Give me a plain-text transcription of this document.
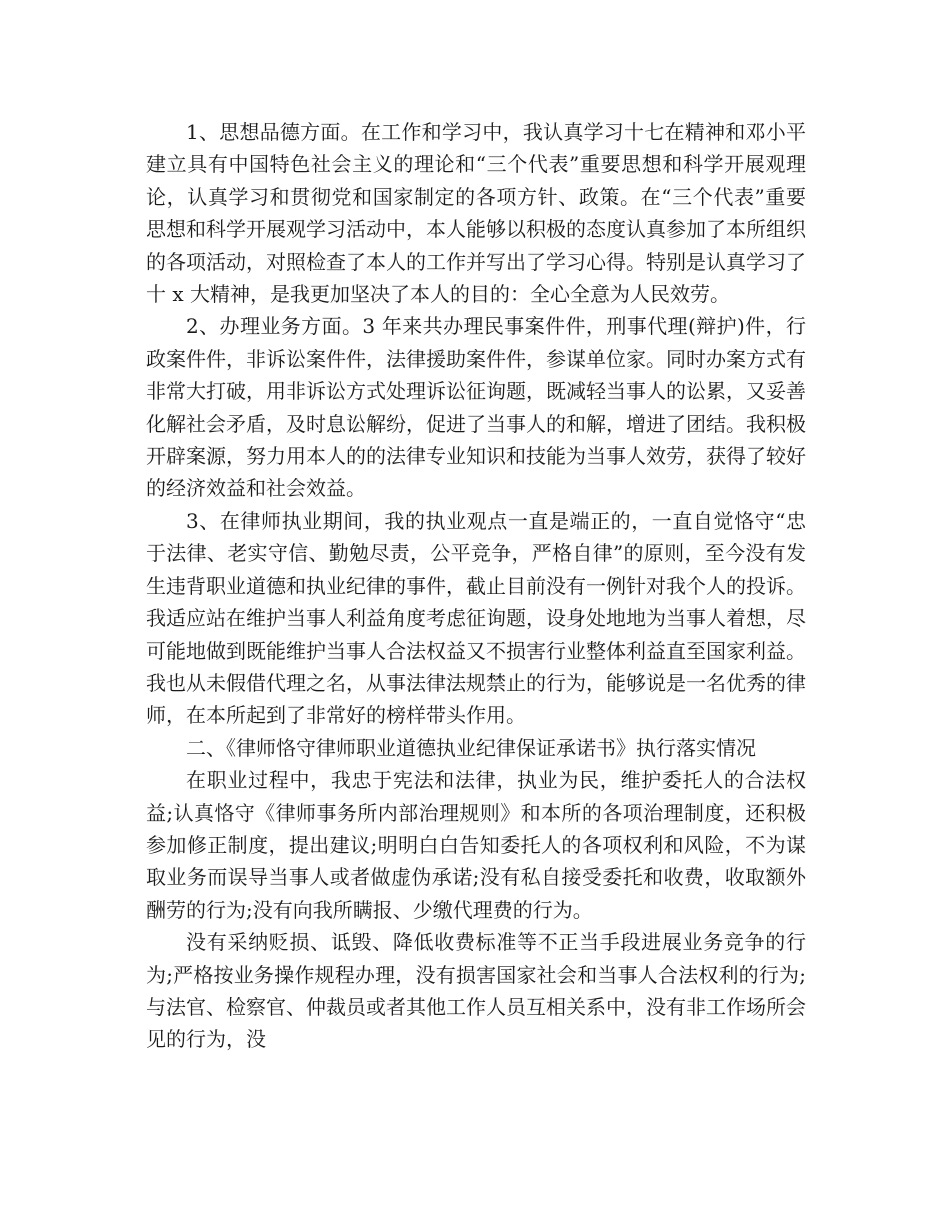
1、思想品德方面。在工作和学习中，我认真学习十七在精神和邓小平建立具有中国特色社会主义的理论和“三个代表”重要思想和科学开展观理论，认真学习和贯彻党和国家制定的各项方针、政策。在“三个代表”重要思想和科学开展观学习活动中，本人能够以积极的态度认真参加了本所组织的各项活动，对照检查了本人的工作并写出了学习心得。特别是认真学习了十 x 大精神，是我更加坚决了本人的目的：全心全意为人民效劳。

2、办理业务方面。3 年来共办理民事案件件，刑事代理(辩护)件，行政案件件，非诉讼案件件，法律援助案件件，参谋单位家。同时办案方式有非常大打破，用非诉讼方式处理诉讼征询题，既减轻当事人的讼累，又妥善化解社会矛盾，及时息讼解纷，促进了当事人的和解，增进了团结。我积极开辟案源，努力用本人的的法律专业知识和技能为当事人效劳，获得了较好的经济效益和社会效益。

3、在律师执业期间，我的执业观点一直是端正的，一直自觉恪守“忠于法律、老实守信、勤勉尽责，公平竞争，严格自律”的原则，至今没有发生违背职业道德和执业纪律的事件，截止目前没有一例针对我个人的投诉。我适应站在维护当事人利益角度考虑征询题，设身处地地为当事人着想，尽可能地做到既能维护当事人合法权益又不损害行业整体利益直至国家利益。我也从未假借代理之名，从事法律法规禁止的行为，能够说是一名优秀的律师，在本所起到了非常好的榜样带头作用。

二、《律师恪守律师职业道德执业纪律保证承诺书》执行落实情况

在职业过程中，我忠于宪法和法律，执业为民，维护委托人的合法权益;认真恪守《律师事务所内部治理规则》和本所的各项治理制度，还积极参加修正制度，提出建议;明明白白告知委托人的各项权利和风险，不为谋取业务而误导当事人或者做虚伪承诺;没有私自接受委托和收费，收取额外酬劳的行为;没有向我所瞒报、少缴代理费的行为。

没有采纳贬损、诋毁、降低收费标准等不正当手段进展业务竞争的行为;严格按业务操作规程办理，没有损害国家社会和当事人合法权利的行为;与法官、检察官、仲裁员或者其他工作人员互相关系中，没有非工作场所会见的行为，没
